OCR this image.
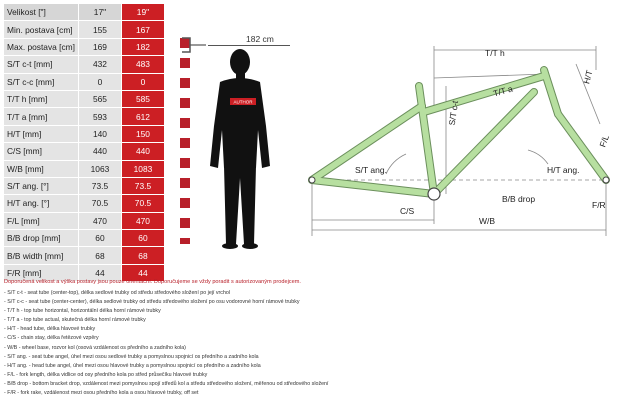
Velikost ["]	17"	19"
Min. postava [cm]	155	167
Max. postava [cm]	169	182
S/T c-t [mm]	432	483
S/T c-c [mm]	0	0
T/T h [mm]	565	585
T/T a [mm]	593	612
H/T [mm]	140	150
C/S [mm]	440	440
W/B [mm]	1063	1083
S/T ang. [°]	73.5	73.5
H/T ang. [°]	70.5	70.5
F/L [mm]	470	470
B/B drop [mm]	60	60
B/B width [mm]	68	68
F/R [mm]	44	44
182 cm
AUTHOR
T/T h
T/T a
S/T c-t
H/T
F/L
S/T ang.	H/T ang.
C/S
B/B drop
W/B
F/R
Doporučená velikost a výška postavy jsou pouze orientační. Doporučujeme se vždy poradit s autorizovaným prodejcem.
- S/T c-t - seat tube (center-top), délka sedlové trubky od středu středového složení po její vrchol
- S/T c-c - seat tube (center-center), délka sedlové trubky od středu středového složení po osu vodorovné horní rámové trubky
- T/T h - top tube horizontal, horizontální délka horní rámové trubky
- T/T a - top tube actual, skutečná délka horní rámové trubky
- H/T - head tube, délka hlavové trubky
- C/S - chain stay, délka řetězové vzpěry
- W/B - wheel base, rozvor kol (osová vzdálenost os předního a zadního kola)
- S/T ang. - seat tube angel, úhel mezi osou sedlové trubky a pomyslnou spojnicí os předního a zadního kola
- H/T ang. - head tube angel, úhel mezi osou hlavové trubky a pomyslnou spojnicí os předního a zadního kola
- F/L - fork length, délka vidlice od osy předního kola po střed průsečíku hlavové trubky
- B/B drop - bottom bracket drop, vzdálenost mezi pomyslnou spojí středů kol a středu středového složení, měřenou od středového složení
- F/R - fork rake, vzdálenost mezi osou předního kola a osou hlavové trubky, off set
